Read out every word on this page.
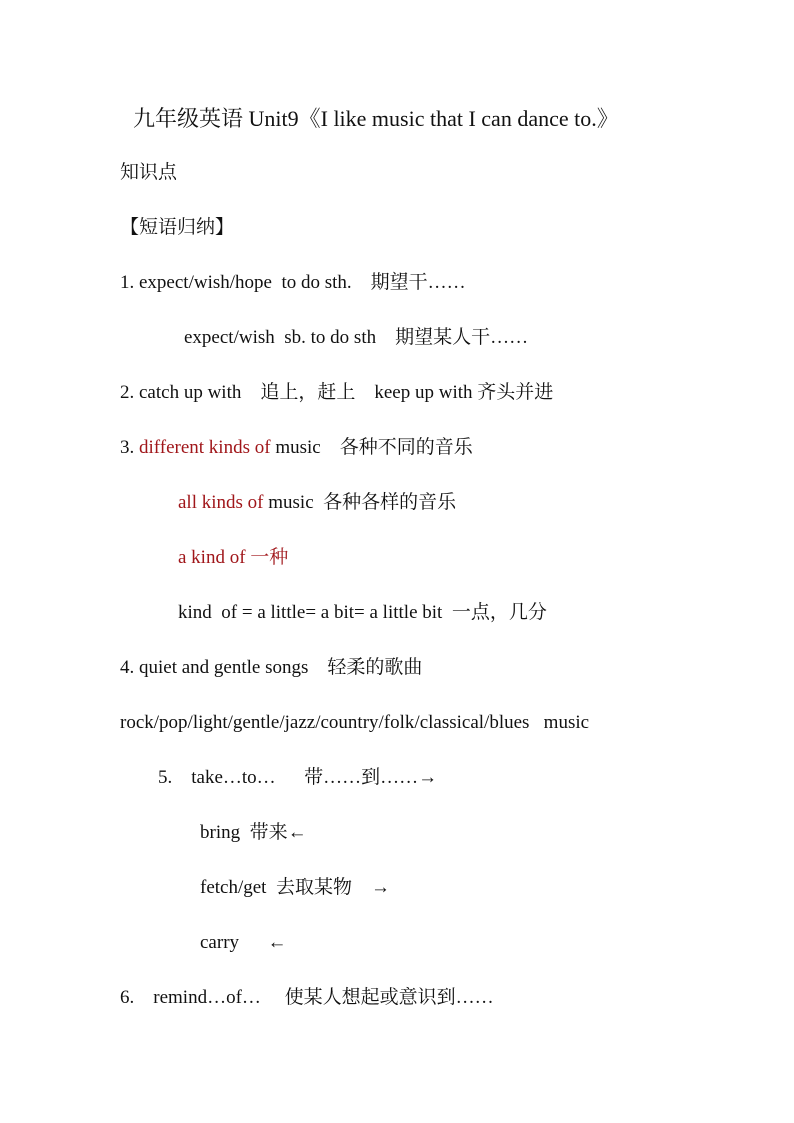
九年级英语 Unit9《I like music that I can dance to.》
知识点
【短语归纳】
1. expect/wish/hope  to do sth.    期望干……
expect/wish  sb. to do sth    期望某人干……
2. catch up with    追上，赶上    keep up with 齐头并进
3. different kinds of music    各种不同的音乐
all kinds of music  各种各样的音乐
a kind of 一种
kind  of = a little= a bit= a little bit  一点，几分
4. quiet and gentle songs    轻柔的歌曲
rock/pop/light/gentle/jazz/country/folk/classical/blues   music
5.    take…to…      带……到……→
bring  带来←
fetch/get  去取某物    →
carry      ←
6.    remind…of…     使某人想起或意识到……
